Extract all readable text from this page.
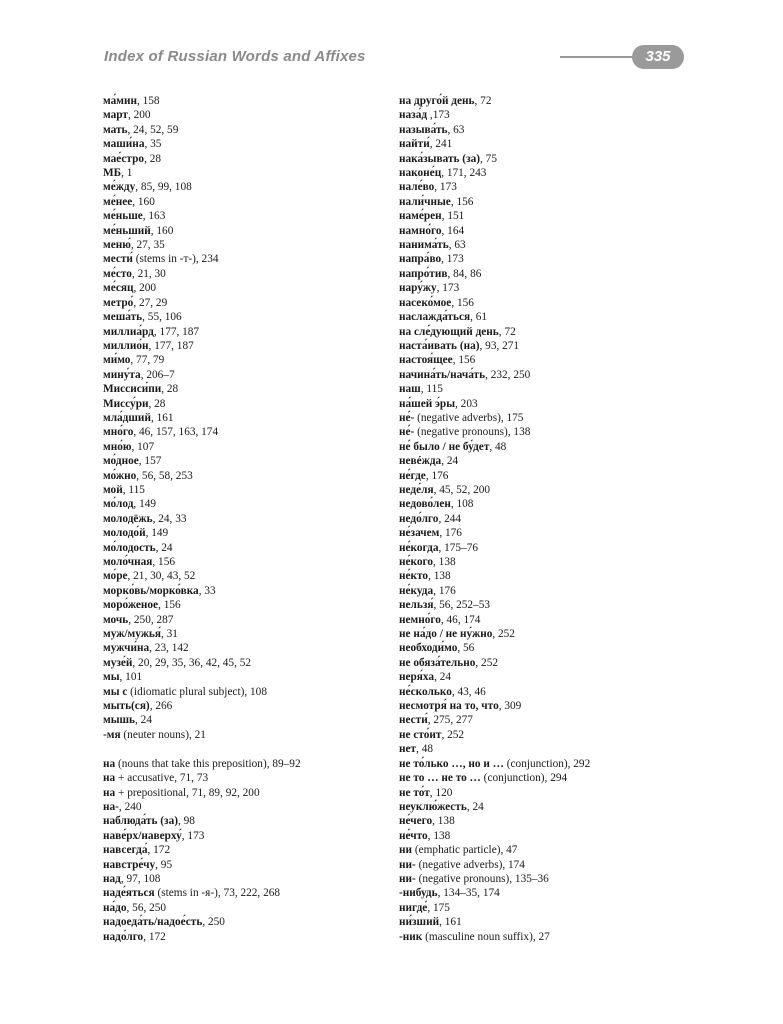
Index of Russian Words and Affixes	335
ма́мин, 158
март, 200
мать, 24, 52, 59
маши́на, 35
мае́стро, 28
МБ, 1
ме́жду, 85, 99, 108
ме́нее, 160
ме́ньше, 163
ме́ньший, 160
меню́, 27, 35
мести́ (stems in -т-), 234
ме́сто, 21, 30
ме́сяц, 200
метро́, 27, 29
меша́ть, 55, 106
миллиа́рд, 177, 187
миллио́н, 177, 187
ми́мо, 77, 79
мину́та, 206–7
Миссиси́пи, 28
Миссу́ри, 28
мла́дший, 161
мно́го, 46, 157, 163, 174
мно́ю, 107
мо́дное, 157
мо́жно, 56, 58, 253
мой, 115
мо́лод, 149
молодёжь, 24, 33
молодо́й, 149
мо́лодость, 24
моло́чная, 156
мо́ре, 21, 30, 43, 52
морко́вь/морко́вка, 33
моро́женое, 156
мочь, 250, 287
муж/мужья́, 31
мужчи́на, 23, 142
музе́й, 20, 29, 35, 36, 42, 45, 52
мы, 101
мы с (idiomatic plural subject), 108
мыть(ся), 266
мышь, 24
-мя (neuter nouns), 21
на (nouns that take this preposition), 89–92
на + accusative, 71, 73
на + prepositional, 71, 89, 92, 200
на-, 240
наблюда́ть (за), 98
наве́рх/наверху́, 173
навсегда́, 172
навстре́чу, 95
над, 97, 108
наде́яться (stems in -я-), 73, 222, 268
на́до, 56, 250
надоеда́ть/надое́сть, 250
надо́лго, 172
на друго́й день, 72
наза́д ,173
называ́ть, 63
найти́, 241
нака́зывать (за), 75
наконе́ц, 171, 243
нале́во, 173
нали́чные, 156
наме́рен, 151
намно́го, 164
нанима́ть, 63
напра́во, 173
напро́тив, 84, 86
нару́жу, 173
насеко́мое, 156
наслажда́ться, 61
на сле́дующий день, 72
наста́ивать (на), 93, 271
настоя́щее, 156
начина́ть/нача́ть, 232, 250
наш, 115
на́шей э́ры, 203
не́- (negative adverbs), 175
не́- (negative pronouns), 138
не́ было / не бу́дет, 48
невéжда, 24
не́где, 176
неде́ля, 45, 52, 200
недово́лен, 108
недо́лго, 244
не́зачем, 176
не́когда, 175–76
не́кого, 138
не́кто, 138
не́куда, 176
нельзя́, 56, 252–53
немно́го, 46, 174
не на́до / не ну́жно, 252
необходи́мо, 56
не обяза́тельно, 252
неря́ха, 24
не́сколько, 43, 46
несмотря́ на то, что, 309
нести́, 275, 277
не сто́ит, 252
нет, 48
не то́лько …, но и … (conjunction), 292
не то … не то … (conjunction), 294
не то́т, 120
неуклю́жесть, 24
не́чего, 138
не́что, 138
ни (emphatic particle), 47
ни- (negative adverbs), 174
ни- (negative pronouns), 135–36
-нибудь, 134–35, 174
нигде́, 175
ни́зший, 161
-ник (masculine noun suffix), 27
